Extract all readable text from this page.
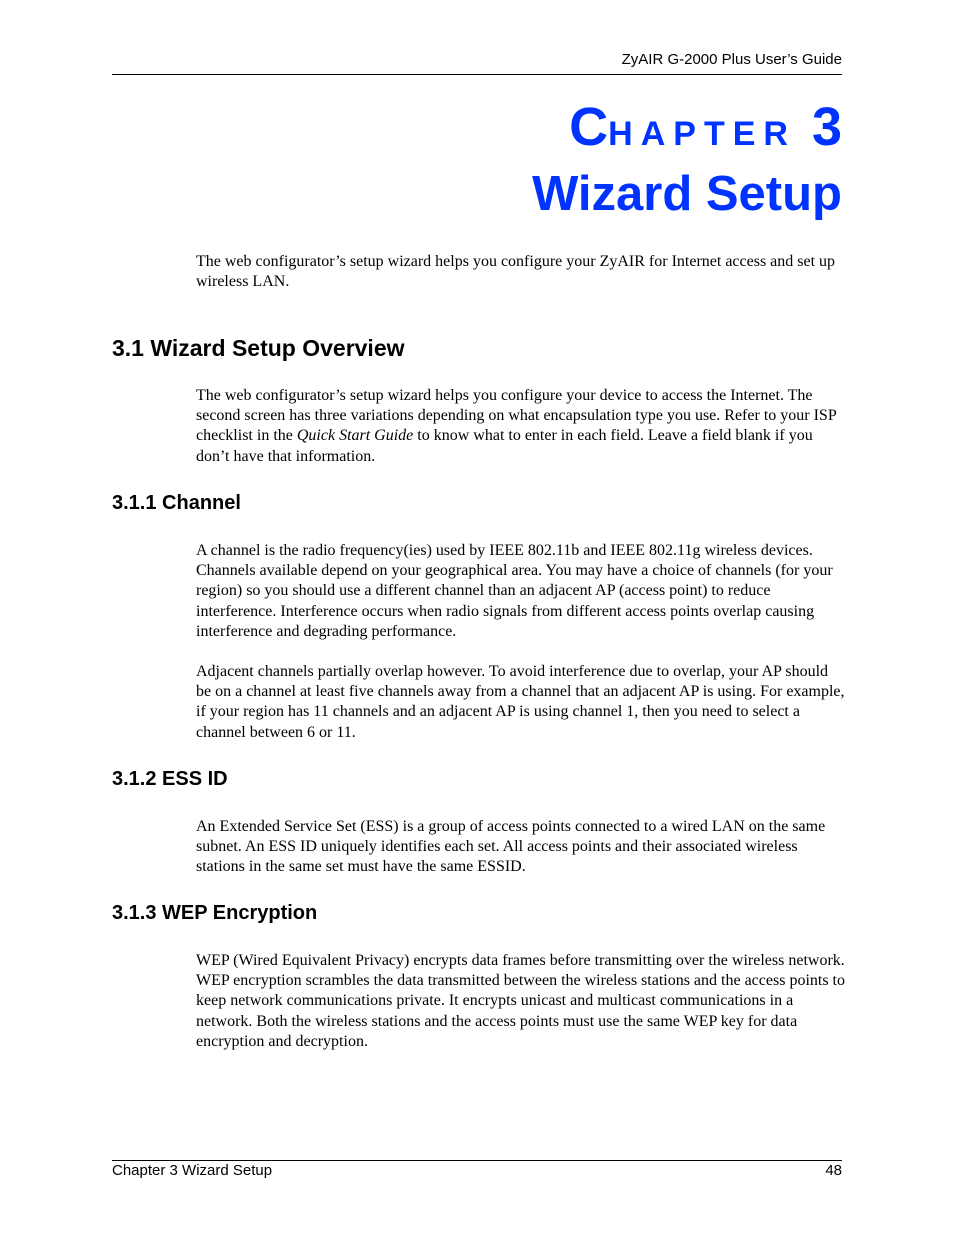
ZyAIR G-2000 Plus User’s Guide
CHAPTER 3
Wizard Setup
The web configurator’s setup wizard helps you configure your ZyAIR for Internet access and set up wireless LAN.
3.1 Wizard Setup Overview
The web configurator’s setup wizard helps you configure your device to access the Internet. The second screen has three variations depending on what encapsulation type you use. Refer to your ISP checklist in the Quick Start Guide to know what to enter in each field. Leave a field blank if you don’t have that information.
3.1.1 Channel
A channel is the radio frequency(ies) used by IEEE 802.11b and IEEE 802.11g wireless devices. Channels available depend on your geographical area. You may have a choice of channels (for your region) so you should use a different channel than an adjacent AP (access point) to reduce interference. Interference occurs when radio signals from different access points overlap causing interference and degrading performance.
Adjacent channels partially overlap however. To avoid interference due to overlap, your AP should be on a channel at least five channels away from a channel that an adjacent AP is using. For example, if your region has 11 channels and an adjacent AP is using channel 1, then you need to select a channel between 6 or 11.
3.1.2 ESS ID
An Extended Service Set (ESS) is a group of access points connected to a wired LAN on the same subnet. An ESS ID uniquely identifies each set. All access points and their associated wireless stations in the same set must have the same ESSID.
3.1.3 WEP Encryption
WEP (Wired Equivalent Privacy) encrypts data frames before transmitting over the wireless network. WEP encryption scrambles the data transmitted between the wireless stations and the access points to keep network communications private. It encrypts unicast and multicast communications in a network. Both the wireless stations and the access points must use the same WEP key for data encryption and decryption.
Chapter 3 Wizard Setup	48
